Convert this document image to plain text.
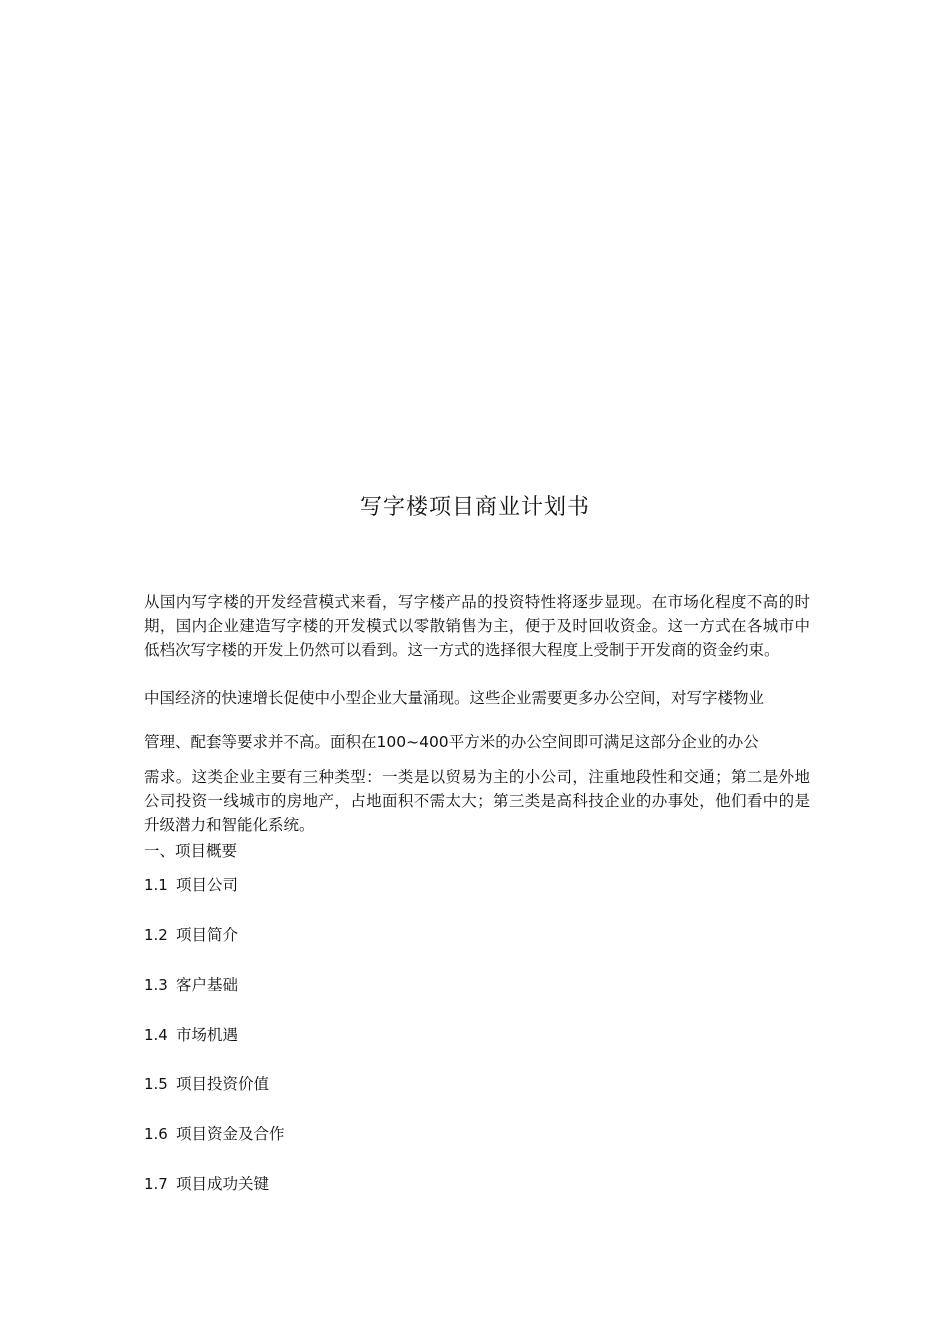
写字楼项目商业计划书
从国内写字楼的开发经营模式来看，写字楼产品的投资特性将逐步显现。在市场化程度不高的时期，国内企业建造写字楼的开发模式以零散销售为主，便于及时回收资金。这一方式在各城市中低档次写字楼的开发上仍然可以看到。这一方式的选择很大程度上受制于开发商的资金约束。
中国经济的快速增长促使中小型企业大量涌现。这些企业需要更多办公空间，对写字楼物业
管理、配套等要求并不高。面积在100~400平方米的办公空间即可满足这部分企业的办公
需求。这类企业主要有三种类型：一类是以贸易为主的小公司，注重地段性和交通；第二是外地公司投资一线城市的房地产，占地面积不需太大；第三类是高科技企业的办事处，他们看中的是升级潜力和智能化系统。
一、项目概要
1.1 项目公司
1.2 项目简介
1.3 客户基础
1.4 市场机遇
1.5 项目投资价值
1.6 项目资金及合作
1.7 项目成功关键
